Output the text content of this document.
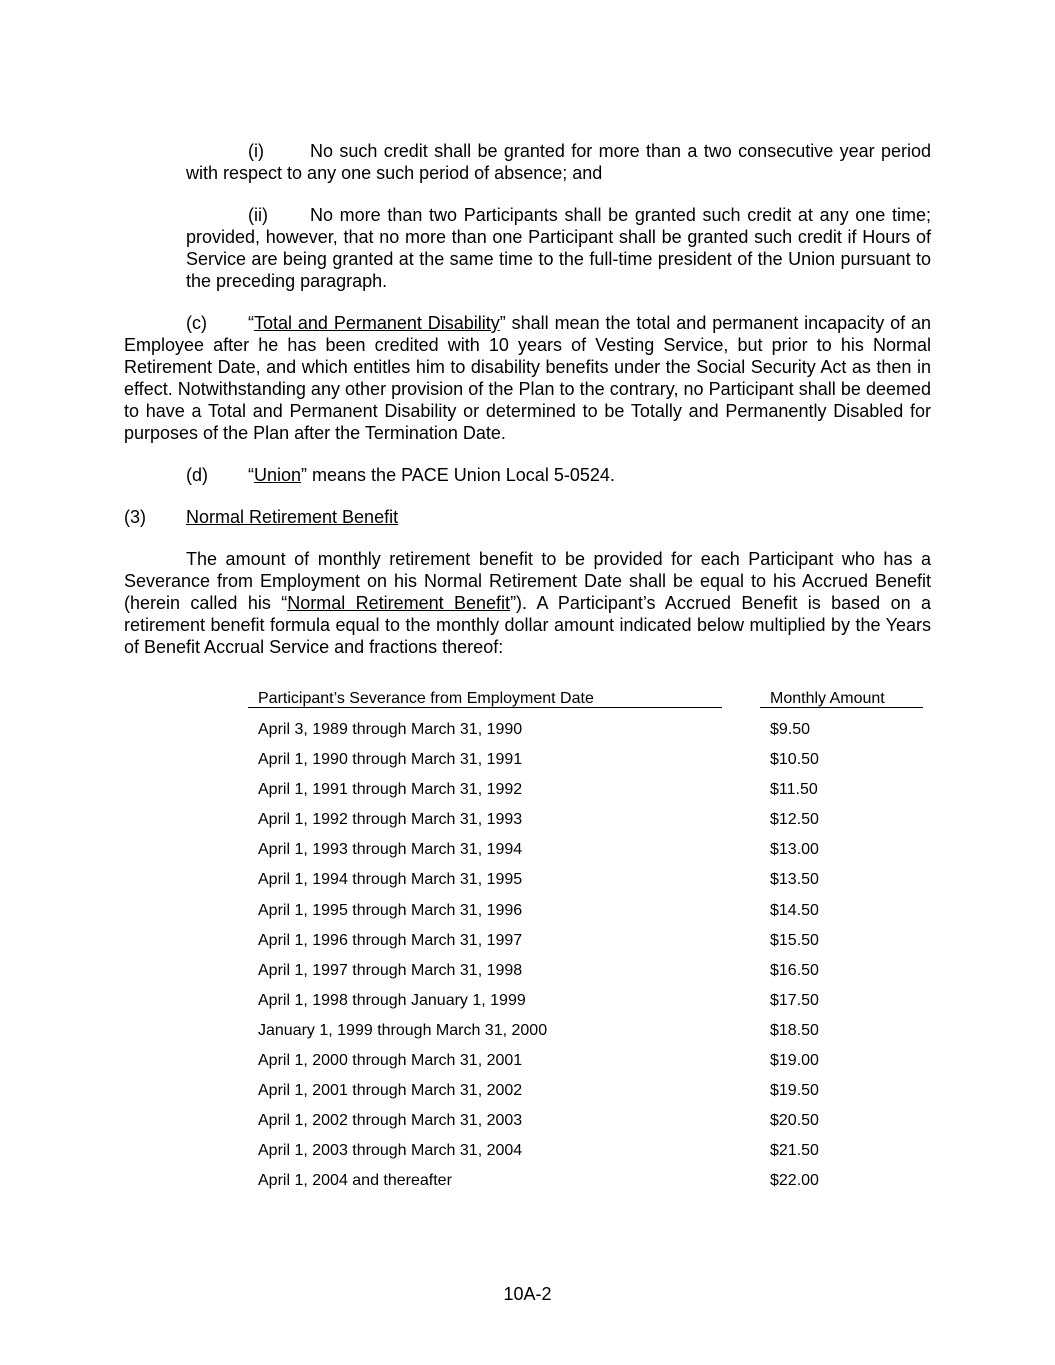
(i)	No such credit shall be granted for more than a two consecutive year period with respect to any one such period of absence; and

(ii) No more than two Participants shall be granted such credit at any one time; provided, however, that no more than one Participant shall be granted such credit if Hours of Service are being granted at the same time to the full-time president of the Union pursuant to the preceding paragraph.

(c) “Total and Permanent Disability” shall mean the total and permanent incapacity of an Employee after he has been credited with 10 years of Vesting Service, but prior to his Normal Retirement Date, and which entitles him to disability benefits under the Social Security Act as then in effect. Notwithstanding any other provision of the Plan to the contrary, no Participant shall be deemed to have a Total and Permanent Disability or determined to be Totally and Permanently Disabled for purposes of the Plan after the Termination Date.

(d) “Union” means the PACE Union Local 5-0524.

(3) Normal Retirement Benefit

The amount of monthly retirement benefit to be provided for each Participant who has a Severance from Employment on his Normal Retirement Date shall be equal to his Accrued Benefit (herein called his “Normal Retirement Benefit”). A Participant’s Accrued Benefit is based on a retirement benefit formula equal to the monthly dollar amount indicated below multiplied by the Years of Benefit Accrual Service and fractions thereof:

Participant’s Severance from Employment Date	Monthly Amount
April 3, 1989 through March 31, 1990	$9.50
April 1, 1990 through March 31, 1991	$10.50
April 1, 1991 through March 31, 1992	$11.50
April 1, 1992 through March 31, 1993	$12.50
April 1, 1993 through March 31, 1994	$13.00
April 1, 1994 through March 31, 1995	$13.50
April 1, 1995 through March 31, 1996	$14.50
April 1, 1996 through March 31, 1997	$15.50
April 1, 1997 through March 31, 1998	$16.50
April 1, 1998 through January 1, 1999	$17.50
January 1, 1999 through March 31, 2000	$18.50
April 1, 2000 through March 31, 2001	$19.00
April 1, 2001 through March 31, 2002	$19.50
April 1, 2002 through March 31, 2003	$20.50
April 1, 2003 through March 31, 2004	$21.50
April 1, 2004 and thereafter	$22.00
10A-2
